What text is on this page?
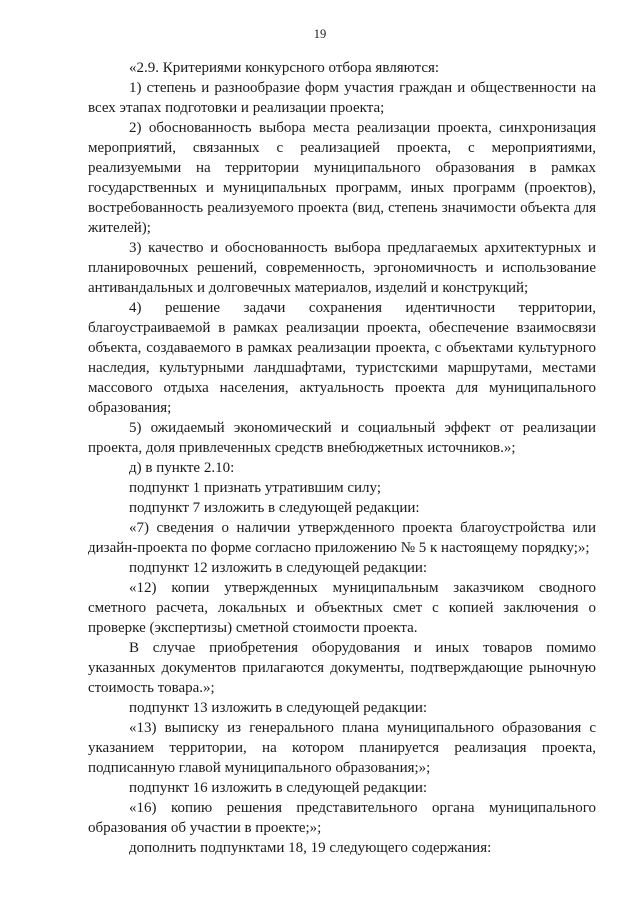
19

«2.9. Критериями конкурсного отбора являются:

1) степень и разнообразие форм участия граждан и общественности на всех этапах подготовки и реализации проекта;

2) обоснованность выбора места реализации проекта, синхронизация мероприятий, связанных с реализацией проекта, с мероприятиями, реализуемыми на территории муниципального образования в рамках государственных и муниципальных программ, иных программ (проектов), востребованность реализуемого проекта (вид, степень значимости объекта для жителей);

3) качество и обоснованность выбора предлагаемых архитектурных и планировочных решений, современность, эргономичность и использование антивандальных и долговечных материалов, изделий и конструкций;

4) решение задачи сохранения идентичности территории, благоустраиваемой в рамках реализации проекта, обеспечение взаимосвязи объекта, создаваемого в рамках реализации проекта, с объектами культурного наследия, культурными ландшафтами, туристскими маршрутами, местами массового отдыха населения, актуальность проекта для муниципального образования;

5) ожидаемый экономический и социальный эффект от реализации проекта, доля привлеченных средств внебюджетных источников.»;

д) в пункте 2.10:

подпункт 1 признать утратившим силу;

подпункт 7 изложить в следующей редакции:

«7) сведения о наличии утвержденного проекта благоустройства или дизайн-проекта по форме согласно приложению № 5 к настоящему порядку;»;

подпункт 12 изложить в следующей редакции:

«12) копии утвержденных муниципальным заказчиком сводного сметного расчета, локальных и объектных смет с копией заключения о проверке (экспертизы) сметной стоимости проекта.

В случае приобретения оборудования и иных товаров помимо указанных документов прилагаются документы, подтверждающие рыночную стоимость товара.»;

подпункт 13 изложить в следующей редакции:

«13) выписку из генерального плана муниципального образования с указанием территории, на котором планируется реализация проекта, подписанную главой муниципального образования;»;

подпункт 16 изложить в следующей редакции:

«16) копию решения представительного органа муниципального образования об участии в проекте;»;

дополнить подпунктами 18, 19 следующего содержания:
